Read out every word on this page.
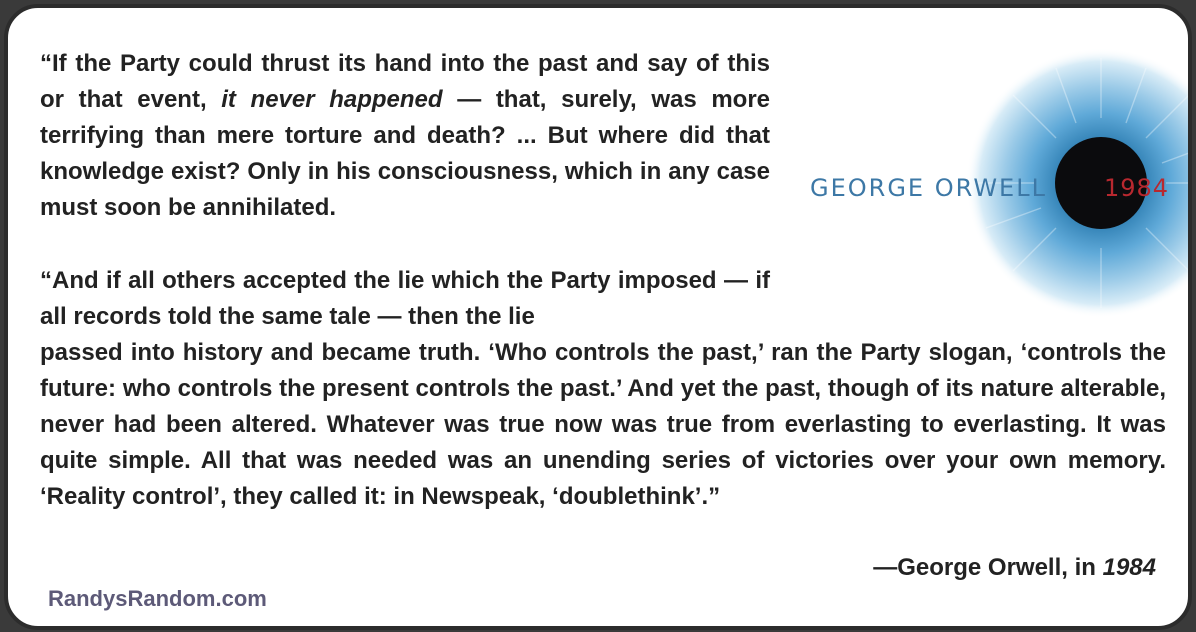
GEORGE ORWELL 1984

“If the Party could thrust its hand into the past and say of this or that event, it never happened — that, surely, was more terrifying than mere torture and death? ... But where did that knowledge exist? Only in his consciousness, which in any case must soon be annihilated.

“And if all others accepted the lie which the Party imposed — if all records told the same tale — then the lie

passed into history and became truth. ‘Who controls the past,’ ran the Party slogan, ‘controls the future: who controls the present controls the past.’ And yet the past, though of its nature alterable, never had been altered. Whatever was true now was true from everlasting to everlasting. It was quite simple. All that was needed was an unending series of victories over your own memory. ‘Reality control’, they called it: in Newspeak, ‘doublethink’.”

—George Orwell, in 1984
RandysRandom.com
